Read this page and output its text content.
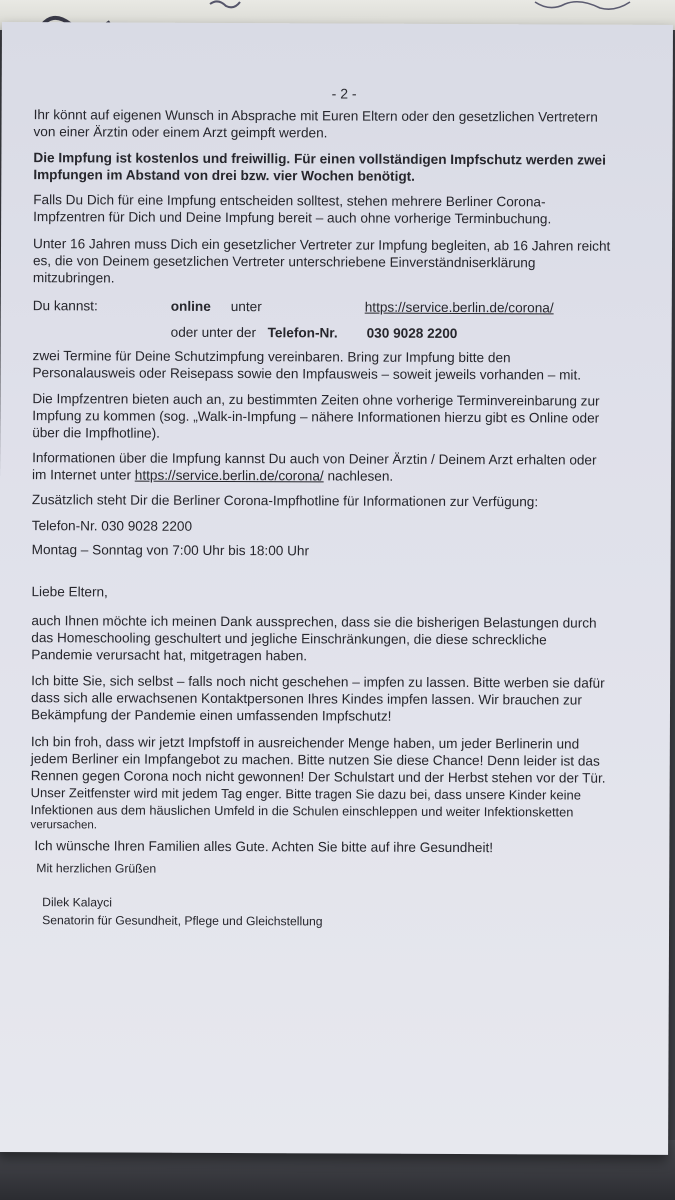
- 2 -
Ihr könnt auf eigenen Wunsch in Absprache mit Euren Eltern oder den gesetzlichen Vertretern
von einer Ärztin oder einem Arzt geimpft werden.
Die Impfung ist kostenlos und freiwillig. Für einen vollständigen Impfschutz werden zwei
Impfungen im Abstand von drei bzw. vier Wochen benötigt.
Falls Du Dich für eine Impfung entscheiden solltest, stehen mehrere Berliner Corona-
Impfzentren für Dich und Deine Impfung bereit – auch ohne vorherige Terminbuchung.
Unter 16 Jahren muss Dich ein gesetzlicher Vertreter zur Impfung begleiten, ab 16 Jahren reicht
es, die von Deinem gesetzlichen Vertreter unterschriebene Einverständniserklärung
mitzubringen.
Du kannst:	online unter	https://service.berlin.de/corona/
oder unter der Telefon-Nr. 030 9028 2200
zwei Termine für Deine Schutzimpfung vereinbaren. Bring zur Impfung bitte den
Personalausweis oder Reisepass sowie den Impfausweis – soweit jeweils vorhanden – mit.
Die Impfzentren bieten auch an, zu bestimmten Zeiten ohne vorherige Terminvereinbarung zur
Impfung zu kommen (sog. „Walk-in-Impfung – nähere Informationen hierzu gibt es Online oder
über die Impfhotline).
Informationen über die Impfung kannst Du auch von Deiner Ärztin / Deinem Arzt erhalten oder
im Internet unter https://service.berlin.de/corona/ nachlesen.
Zusätzlich steht Dir die Berliner Corona-Impfhotline für Informationen zur Verfügung:
Telefon-Nr. 030 9028 2200
Montag – Sonntag von 7:00 Uhr bis 18:00 Uhr
Liebe Eltern,
auch Ihnen möchte ich meinen Dank aussprechen, dass sie die bisherigen Belastungen durch
das Homeschooling geschultert und jegliche Einschränkungen, die diese schreckliche
Pandemie verursacht hat, mitgetragen haben.
Ich bitte Sie, sich selbst – falls noch nicht geschehen – impfen zu lassen. Bitte werben sie dafür
dass sich alle erwachsenen Kontaktpersonen Ihres Kindes impfen lassen. Wir brauchen zur
Bekämpfung der Pandemie einen umfassenden Impfschutz!
Ich bin froh, dass wir jetzt Impfstoff in ausreichender Menge haben, um jeder Berlinerin und
jedem Berliner ein Impfangebot zu machen. Bitte nutzen Sie diese Chance! Denn leider ist das
Rennen gegen Corona noch nicht gewonnen! Der Schulstart und der Herbst stehen vor der Tür.
Unser Zeitfenster wird mit jedem Tag enger. Bitte tragen Sie dazu bei, dass unsere Kinder keine
Infektionen aus dem häuslichen Umfeld in die Schulen einschleppen und weiter Infektionsketten
verursachen.
Ich wünsche Ihren Familien alles Gute. Achten Sie bitte auf ihre Gesundheit!
Mit herzlichen Grüßen
Dilek Kalayci
Senatorin für Gesundheit, Pflege und Gleichstellung
